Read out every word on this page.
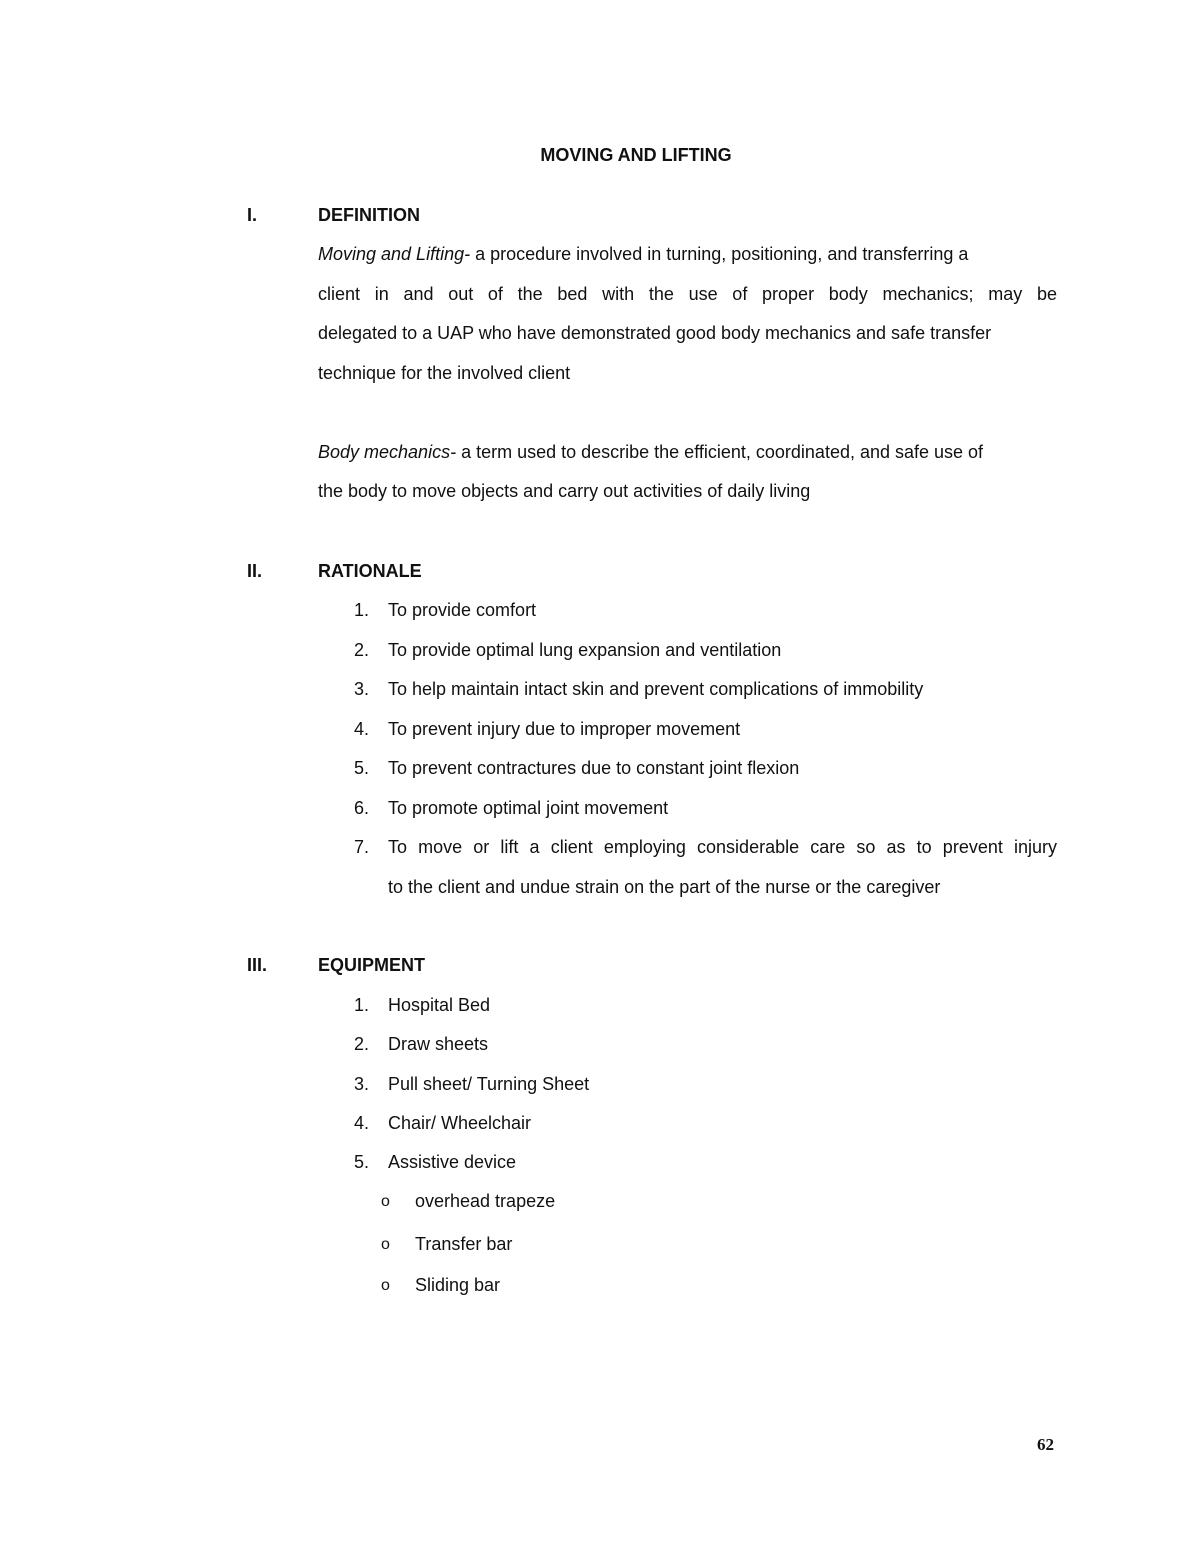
MOVING AND LIFTING
I.	DEFINITION
Moving and Lifting- a procedure involved in turning, positioning, and transferring a
client in and out of the bed with the use of proper body mechanics; may be
delegated to a UAP who have demonstrated good body mechanics and safe transfer
technique for the involved client
Body mechanics- a term used to describe the efficient, coordinated, and safe use of
the body to move objects and carry out activities of daily living
II.	RATIONALE
1. To provide comfort
2. To provide optimal lung expansion and ventilation
3. To help maintain intact skin and prevent complications of immobility
4. To prevent injury due to improper movement
5. To prevent contractures due to constant joint flexion
6. To promote optimal joint movement
7. To move or lift a client employing considerable care so as to prevent injury
to the client and undue strain on the part of the nurse or the caregiver
III.	EQUIPMENT
1. Hospital Bed
2. Draw sheets
3. Pull sheet/ Turning Sheet
4. Chair/ Wheelchair
5. Assistive device
o overhead trapeze
o Transfer bar
o Sliding bar
62
